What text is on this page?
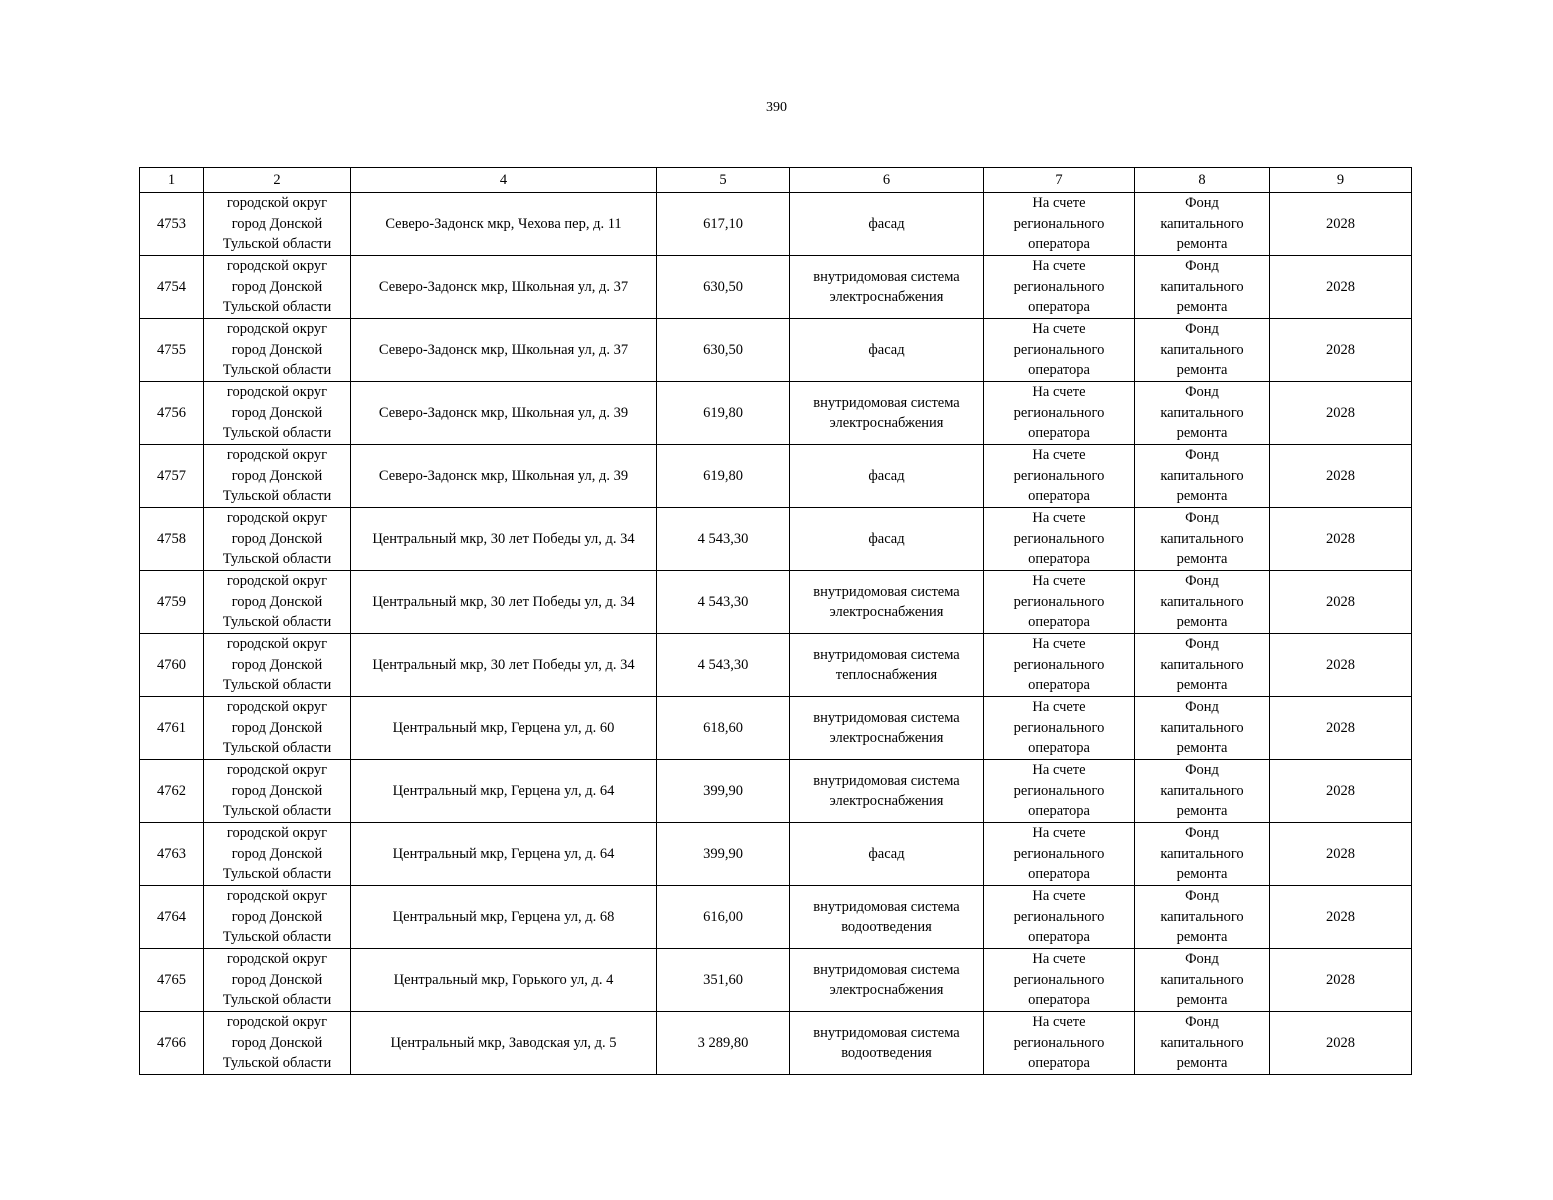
390
1	2	4	5	6	7	8	9
4753	городской округ
город Донской
Тульской области	Северо-Задонск мкр, Чехова пер, д. 11	617,10	фасад	На счете
регионального
оператора	Фонд
капитального
ремонта	2028
4754	городской округ
город Донской
Тульской области	Северо-Задонск мкр, Школьная ул, д. 37	630,50	внутридомовая система
электроснабжения	На счете
регионального
оператора	Фонд
капитального
ремонта	2028
4755	городской округ
город Донской
Тульской области	Северо-Задонск мкр, Школьная ул, д. 37	630,50	фасад	На счете
регионального
оператора	Фонд
капитального
ремонта	2028
4756	городской округ
город Донской
Тульской области	Северо-Задонск мкр, Школьная ул, д. 39	619,80	внутридомовая система
электроснабжения	На счете
регионального
оператора	Фонд
капитального
ремонта	2028
4757	городской округ
город Донской
Тульской области	Северо-Задонск мкр, Школьная ул, д. 39	619,80	фасад	На счете
регионального
оператора	Фонд
капитального
ремонта	2028
4758	городской округ
город Донской
Тульской области	Центральный мкр, 30 лет Победы ул, д. 34	4 543,30	фасад	На счете
регионального
оператора	Фонд
капитального
ремонта	2028
4759	городской округ
город Донской
Тульской области	Центральный мкр, 30 лет Победы ул, д. 34	4 543,30	внутридомовая система
электроснабжения	На счете
регионального
оператора	Фонд
капитального
ремонта	2028
4760	городской округ
город Донской
Тульской области	Центральный мкр, 30 лет Победы ул, д. 34	4 543,30	внутридомовая система
теплоснабжения	На счете
регионального
оператора	Фонд
капитального
ремонта	2028
4761	городской округ
город Донской
Тульской области	Центральный мкр, Герцена ул, д. 60	618,60	внутридомовая система
электроснабжения	На счете
регионального
оператора	Фонд
капитального
ремонта	2028
4762	городской округ
город Донской
Тульской области	Центральный мкр, Герцена ул, д. 64	399,90	внутридомовая система
электроснабжения	На счете
регионального
оператора	Фонд
капитального
ремонта	2028
4763	городской округ
город Донской
Тульской области	Центральный мкр, Герцена ул, д. 64	399,90	фасад	На счете
регионального
оператора	Фонд
капитального
ремонта	2028
4764	городской округ
город Донской
Тульской области	Центральный мкр, Герцена ул, д. 68	616,00	внутридомовая система
водоотведения	На счете
регионального
оператора	Фонд
капитального
ремонта	2028
4765	городской округ
город Донской
Тульской области	Центральный мкр, Горького ул, д. 4	351,60	внутридомовая система
электроснабжения	На счете
регионального
оператора	Фонд
капитального
ремонта	2028
4766	городской округ
город Донской
Тульской области	Центральный мкр, Заводская ул, д. 5	3 289,80	внутридомовая система
водоотведения	На счете
регионального
оператора	Фонд
капитального
ремонта	2028
